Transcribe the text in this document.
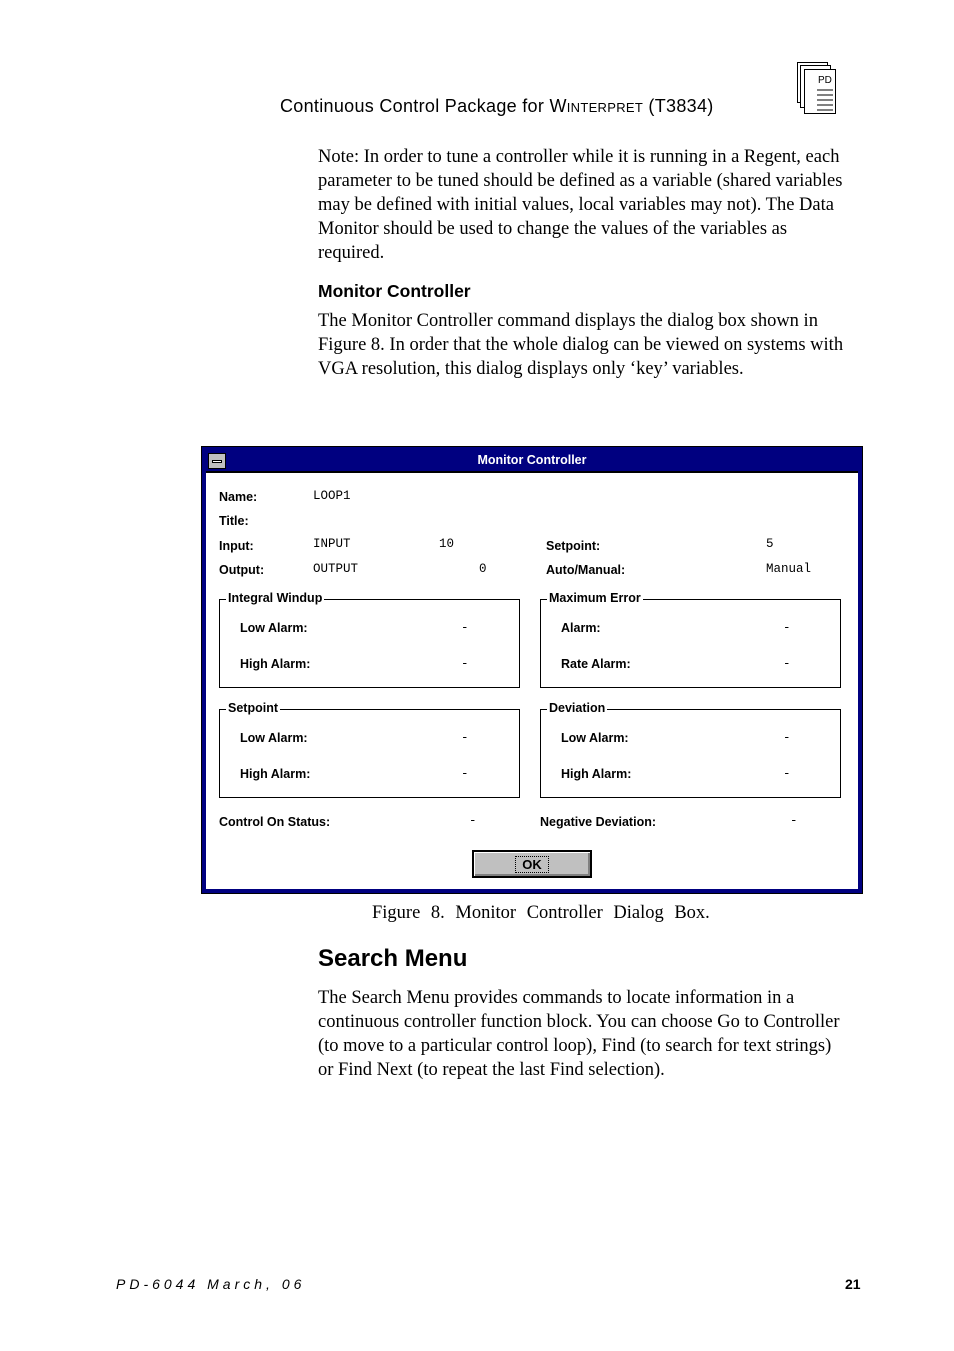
Continuous Control Package for Winterpret (T3834)
PD
Note: In order to tune a controller while it is running in a Regent, each parameter to be tuned should be defined as a variable (shared variables may be defined with initial values, local variables may not). The Data Monitor should be used to change the values of the variables as required.
Monitor Controller
The Monitor Controller command displays the dialog box shown in Figure 8. In order that the whole dialog can be viewed on systems with VGA resolution, this dialog displays only ‘key’ variables.
Monitor Controller
Name:	LOOP1
Title:
Input:	INPUT	10
Output:	OUTPUT	0
Setpoint:	5
Auto/Manual:	Manual
Integral Windup
Low Alarm:	-
High Alarm:	-
Maximum Error
Alarm:	-
Rate Alarm:	-
Setpoint
Low Alarm:	-
High Alarm:	-
Deviation
Low Alarm:	-
High Alarm:	-
Control On Status:	-	Negative Deviation:	-
OK
Figure 8. Monitor Controller Dialog Box.
Search Menu
The Search Menu provides commands to locate information in a continuous controller function block. You can choose Go to Controller (to move to a particular control loop), Find (to search for text strings) or Find Next (to repeat the last Find selection).
PD-6044 March, 06	21
